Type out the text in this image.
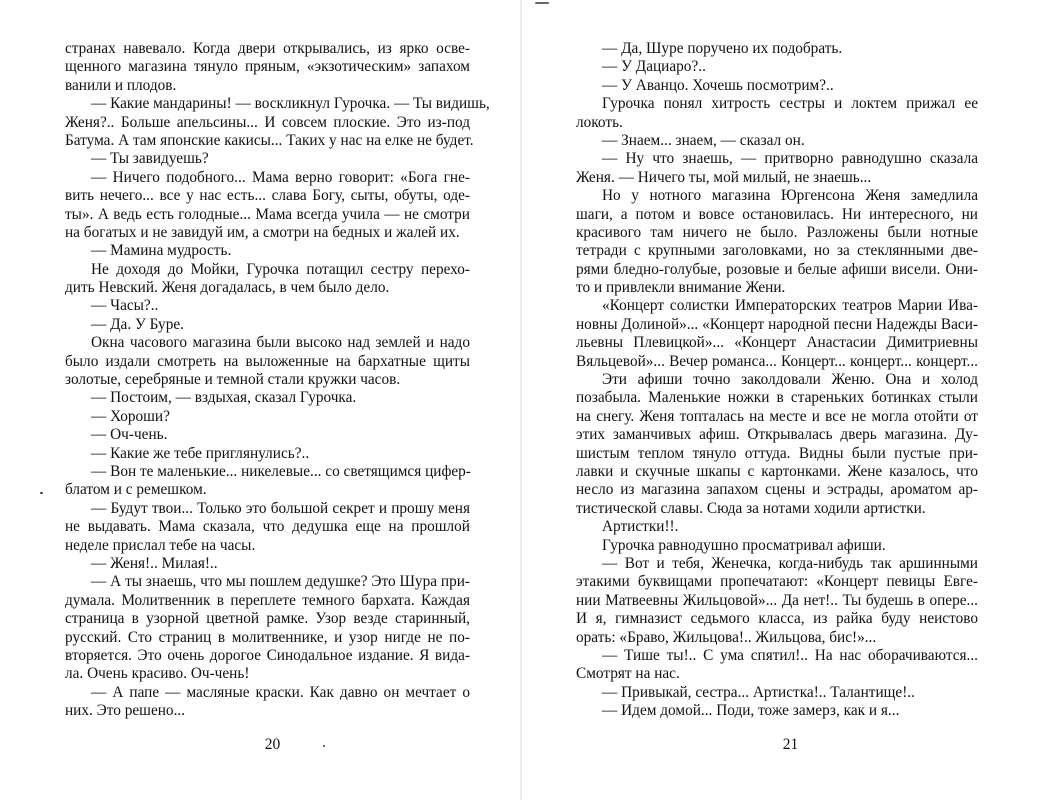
странах навевало. Когда двери открывались, из ярко осве-
щенного магазина тянуло пряным, «экзотическим» запахом
ванили и плодов.
— Какие мандарины! — воскликнул Гурочка. — Ты видишь,
Женя?.. Больше апельсины... И совсем плоские. Это из-под
Батума. А там японские какисы... Таких у нас на елке не будет.
— Ты завидуешь?
— Ничего подобного... Мама верно говорит: «Бога гне-
вить нечего... все у нас есть... слава Богу, сыты, обуты, оде-
ты». А ведь есть голодные... Мама всегда учила — не смотри
на богатых и не завидуй им, а смотри на бедных и жалей их.
— Мамина мудрость.
Не доходя до Мойки, Гурочка потащил сестру перехо-
дить Невский. Женя догадалась, в чем было дело.
— Часы?..
— Да. У Буре.
Окна часового магазина были высоко над землей и надо
было издали смотреть на выложенные на бархатные щиты
золотые, серебряные и темной стали кружки часов.
— Постоим, — вздыхая, сказал Гурочка.
— Хороши?
— Оч-чень.
— Какие же тебе приглянулись?..
— Вон те маленькие... никелевые... со светящимся цифер-
блатом и с ремешком.
— Будут твои... Только это большой секрет и прошу меня
не выдавать. Мама сказала, что дедушка еще на прошлой
неделе прислал тебе на часы.
— Женя!.. Милая!..
— А ты знаешь, что мы пошлем дедушке? Это Шура при-
думала. Молитвенник в переплете темного бархата. Каждая
страница в узорной цветной рамке. Узор везде старинный,
русский. Сто страниц в молитвеннике, и узор нигде не по-
вторяется. Это очень дорогое Синодальное издание. Я вида-
ла. Очень красиво. Оч-чень!
— А папе — масляные краски. Как давно он мечтает о
них. Это решено...
20
— Да, Шуре поручено их подобрать.
— У Дациаро?..
— У Аванцо. Хочешь посмотрим?..
Гурочка понял хитрость сестры и локтем прижал ее
локоть.
— Знаем... знаем, — сказал он.
— Ну что знаешь, — притворно равнодушно сказала
Женя. — Ничего ты, мой милый, не знаешь...
Но у нотного магазина Юргенсона Женя замедлила
шаги, а потом и вовсе остановилась. Ни интересного, ни
красивого там ничего не было. Разложены были нотные
тетради с крупными заголовками, но за стеклянными две-
рями бледно-голубые, розовые и белые афиши висели. Они-
то и привлекли внимание Жени.
«Концерт солистки Императорских театров Марии Ива-
новны Долиной»... «Концерт народной песни Надежды Васи-
льевны Плевицкой»... «Концерт Анастасии Димитриевны
Вяльцевой»... Вечер романса... Концерт... концерт... концерт...
Эти афиши точно заколдовали Женю. Она и холод
позабыла. Маленькие ножки в стареньких ботинках стыли
на снегу. Женя топталась на месте и все не могла отойти от
этих заманчивых афиш. Открывалась дверь магазина. Ду-
шистым теплом тянуло оттуда. Видны были пустые при-
лавки и скучные шкапы с картонками. Жене казалось, что
несло из магазина запахом сцены и эстрады, ароматом ар-
тистической славы. Сюда за нотами ходили артистки.
Артистки!!.
Гурочка равнодушно просматривал афиши.
— Вот и тебя, Женечка, когда-нибудь так аршинными
этакими буквищами пропечатают: «Концерт певицы Евге-
нии Матвеевны Жильцовой»... Да нет!.. Ты будешь в опере...
И я, гимназист седьмого класса, из райка буду неистово
орать: «Браво, Жильцова!.. Жильцова, бис!»...
— Тише ты!.. С ума спятил!.. На нас оборачиваются...
Смотрят на нас.
— Привыкай, сестра... Артистка!.. Талантище!..
— Идем домой... Поди, тоже замерз, как и я...
21
